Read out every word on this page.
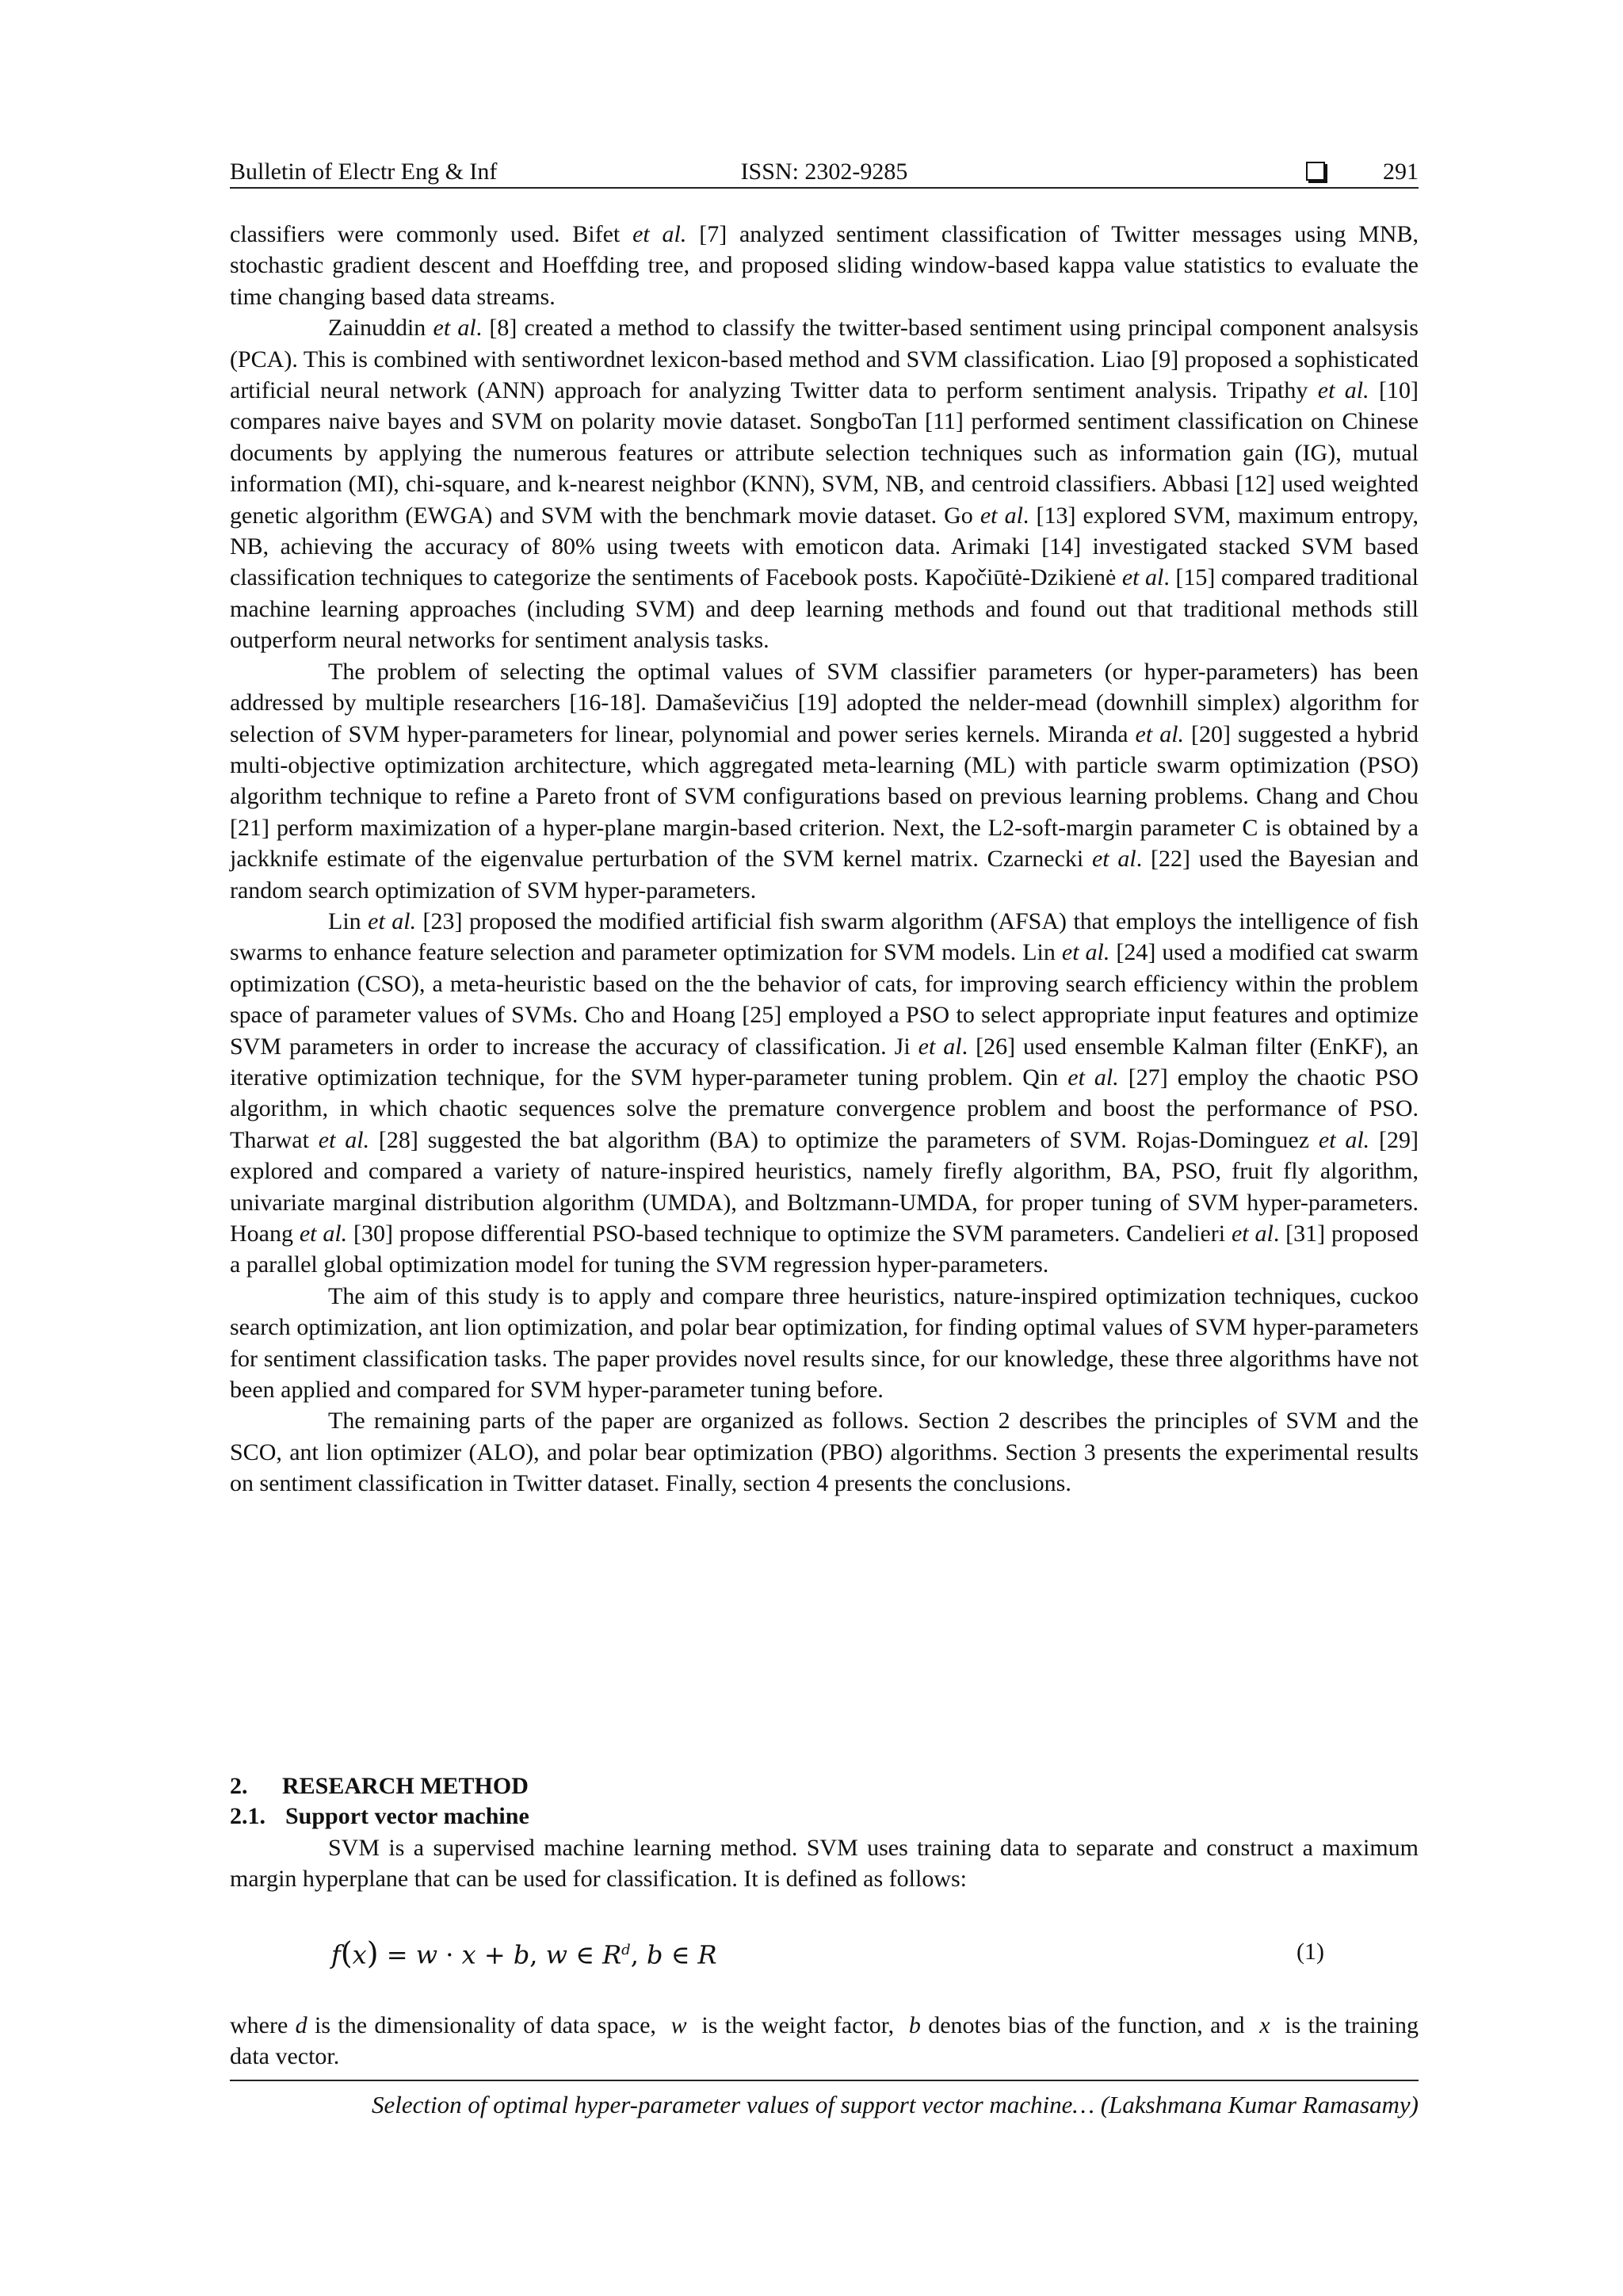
Bulletin of Electr Eng & Inf	ISSN: 2302-9285	291

classifiers were commonly used. Bifet et al. [7] analyzed sentiment classification of Twitter messages using MNB, stochastic gradient descent and Hoeffding tree, and proposed sliding window-based kappa value statistics to evaluate the time changing based data streams.

Zainuddin et al. [8] created a method to classify the twitter-based sentiment using principal component analsysis (PCA). This is combined with sentiwordnet lexicon-based method and SVM classification. Liao [9] proposed a sophisticated artificial neural network (ANN) approach for analyzing Twitter data to perform sentiment analysis. Tripathy et al. [10] compares naive bayes and SVM on polarity movie dataset. SongboTan [11] performed sentiment classification on Chinese documents by applying the numerous features or attribute selection techniques such as information gain (IG), mutual information (MI), chi-square, and k-nearest neighbor (KNN), SVM, NB, and centroid classifiers. Abbasi [12] used weighted genetic algorithm (EWGA) and SVM with the benchmark movie dataset. Go et al. [13] explored SVM, maximum entropy, NB, achieving the accuracy of 80% using tweets with emoticon data. Arimaki [14] investigated stacked SVM based classification techniques to categorize the sentiments of Facebook posts. Kapočiūtė-Dzikienė et al. [15] compared traditional machine learning approaches (including SVM) and deep learning methods and found out that traditional methods still outperform neural networks for sentiment analysis tasks.

The problem of selecting the optimal values of SVM classifier parameters (or hyper-parameters) has been addressed by multiple researchers [16-18]. Damaševičius [19] adopted the nelder-mead (downhill simplex) algorithm for selection of SVM hyper-parameters for linear, polynomial and power series kernels. Miranda et al. [20] suggested a hybrid multi-objective optimization architecture, which aggregated meta-learning (ML) with particle swarm optimization (PSO) algorithm technique to refine a Pareto front of SVM configurations based on previous learning problems. Chang and Chou [21] perform maximization of a hyper-plane margin-based criterion. Next, the L2-soft-margin parameter C is obtained by a jackknife estimate of the eigenvalue perturbation of the SVM kernel matrix. Czarnecki et al. [22] used the Bayesian and random search optimization of SVM hyper-parameters.

Lin et al. [23] proposed the modified artificial fish swarm algorithm (AFSA) that employs the intelligence of fish swarms to enhance feature selection and parameter optimization for SVM models. Lin et al. [24] used a modified cat swarm optimization (CSO), a meta-heuristic based on the the behavior of cats, for improving search efficiency within the problem space of parameter values of SVMs. Cho and Hoang [25] employed a PSO to select appropriate input features and optimize SVM parameters in order to increase the accuracy of classification. Ji et al. [26] used ensemble Kalman filter (EnKF), an iterative optimization technique, for the SVM hyper-parameter tuning problem. Qin et al. [27] employ the chaotic PSO algorithm, in which chaotic sequences solve the premature convergence problem and boost the performance of PSO. Tharwat et al. [28] suggested the bat algorithm (BA) to optimize the parameters of SVM. Rojas-Dominguez et al. [29] explored and compared a variety of nature-inspired heuristics, namely firefly algorithm, BA, PSO, fruit fly algorithm, univariate marginal distribution algorithm (UMDA), and Boltzmann-UMDA, for proper tuning of SVM hyper-parameters. Hoang et al. [30] propose differential PSO-based technique to optimize the SVM parameters. Candelieri et al. [31] proposed a parallel global optimization model for tuning the SVM regression hyper-parameters.

The aim of this study is to apply and compare three heuristics, nature-inspired optimization techniques, cuckoo search optimization, ant lion optimization, and polar bear optimization, for finding optimal values of SVM hyper-parameters for sentiment classification tasks. The paper provides novel results since, for our knowledge, these three algorithms have not been applied and compared for SVM hyper-parameter tuning before.

The remaining parts of the paper are organized as follows. Section 2 describes the principles of SVM and the SCO, ant lion optimizer (ALO), and polar bear optimization (PBO) algorithms. Section 3 presents the experimental results on sentiment classification in Twitter dataset. Finally, section 4 presents the conclusions.

2. RESEARCH METHOD
2.1. Support vector machine

SVM is a supervised machine learning method. SVM uses training data to separate and construct a maximum margin hyperplane that can be used for classification. It is defined as follows:

f(x) = w · x + b, w ∈ $R^d$, b ∈ R	(1)

where d is the dimensionality of data space,  w  is the weight factor,  b denotes bias of the function, and  x  is the training data vector.

Selection of optimal hyper-parameter values of support vector machine… (Lakshmana Kumar Ramasamy)
